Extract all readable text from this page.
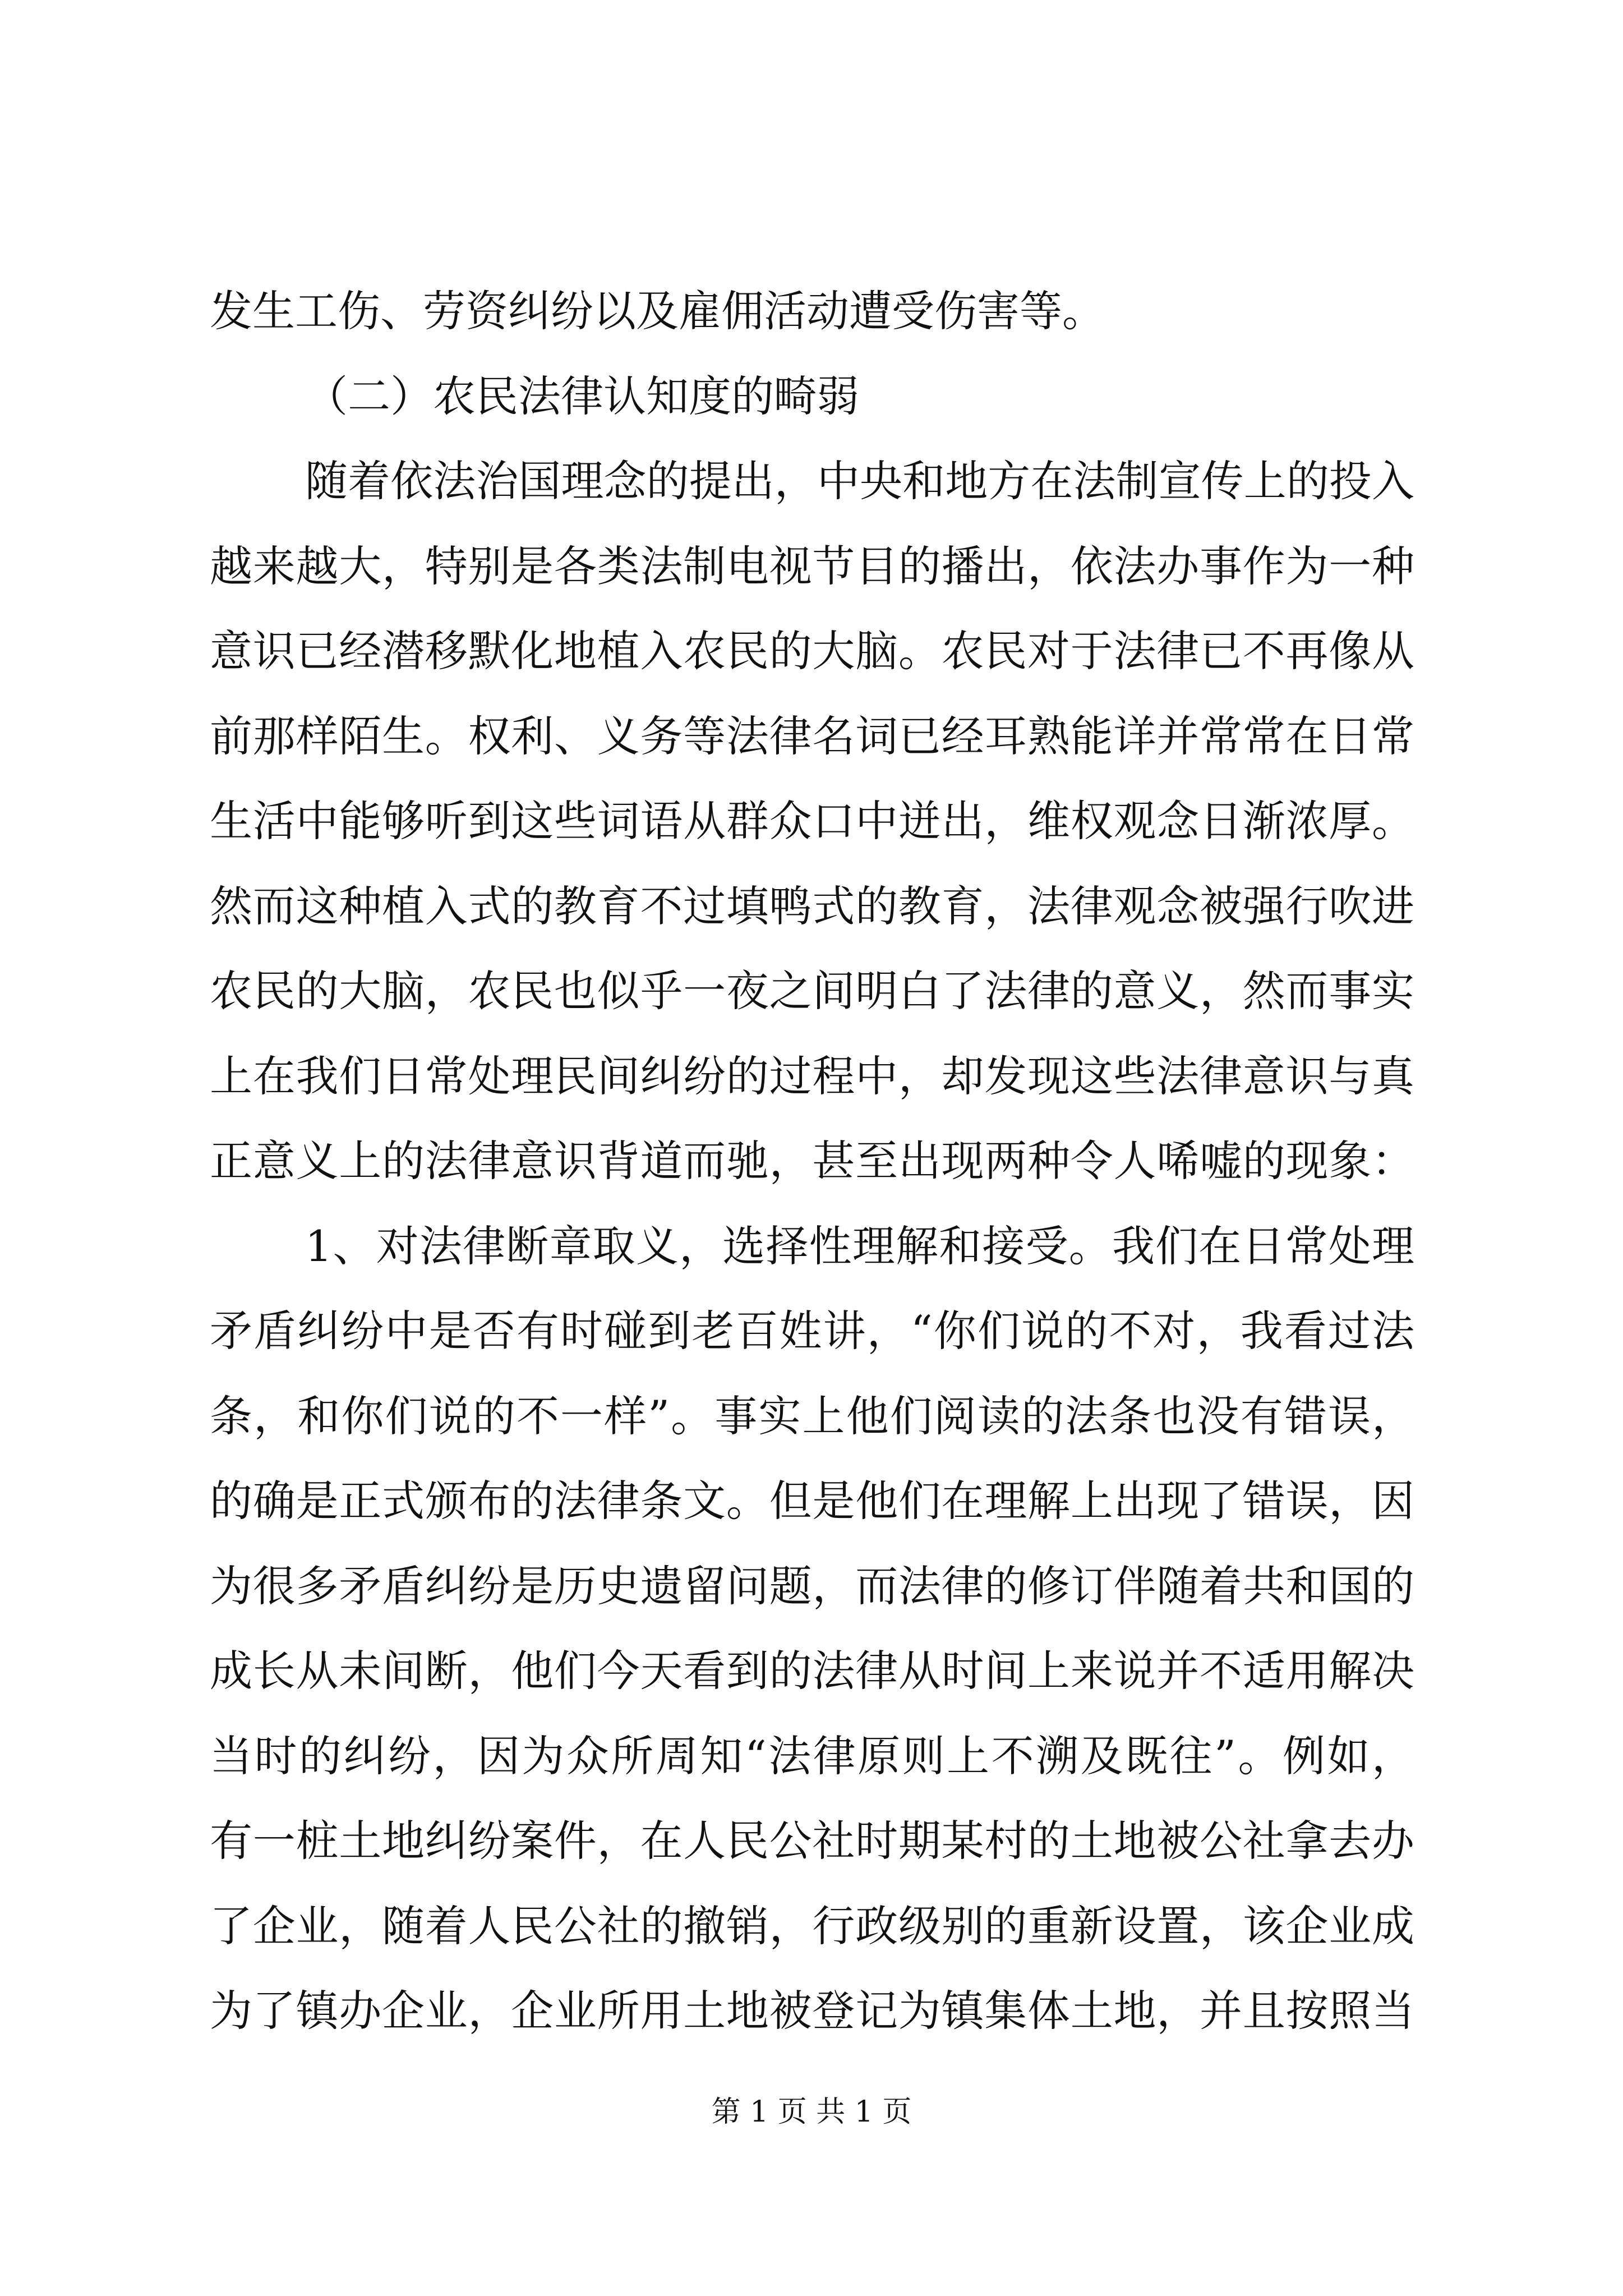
发生工伤、劳资纠纷以及雇佣活动遭受伤害等。
（二）农民法律认知度的畸弱
随着依法治国理念的提出，中央和地方在法制宣传上的投入
越来越大，特别是各类法制电视节目的播出，依法办事作为一种
意识已经潜移默化地植入农民的大脑。农民对于法律已不再像从
前那样陌生。权利、义务等法律名词已经耳熟能详并常常在日常
生活中能够听到这些词语从群众口中迸出，维权观念日渐浓厚。
然而这种植入式的教育不过填鸭式的教育，法律观念被强行吹进
农民的大脑，农民也似乎一夜之间明白了法律的意义，然而事实
上在我们日常处理民间纠纷的过程中，却发现这些法律意识与真
正意义上的法律意识背道而驰，甚至出现两种令人唏嘘的现象：
1、对法律断章取义，选择性理解和接受。我们在日常处理
矛盾纠纷中是否有时碰到老百姓讲，“你们说的不对，我看过法
条，和你们说的不一样”。事实上他们阅读的法条也没有错误，
的确是正式颁布的法律条文。但是他们在理解上出现了错误，因
为很多矛盾纠纷是历史遗留问题，而法律的修订伴随着共和国的
成长从未间断，他们今天看到的法律从时间上来说并不适用解决
当时的纠纷，因为众所周知“法律原则上不溯及既往”。例如，
有一桩土地纠纷案件，在人民公社时期某村的土地被公社拿去办
了企业，随着人民公社的撤销，行政级别的重新设置，该企业成
为了镇办企业，企业所用土地被登记为镇集体土地，并且按照当
第 1 页 共 1 页
